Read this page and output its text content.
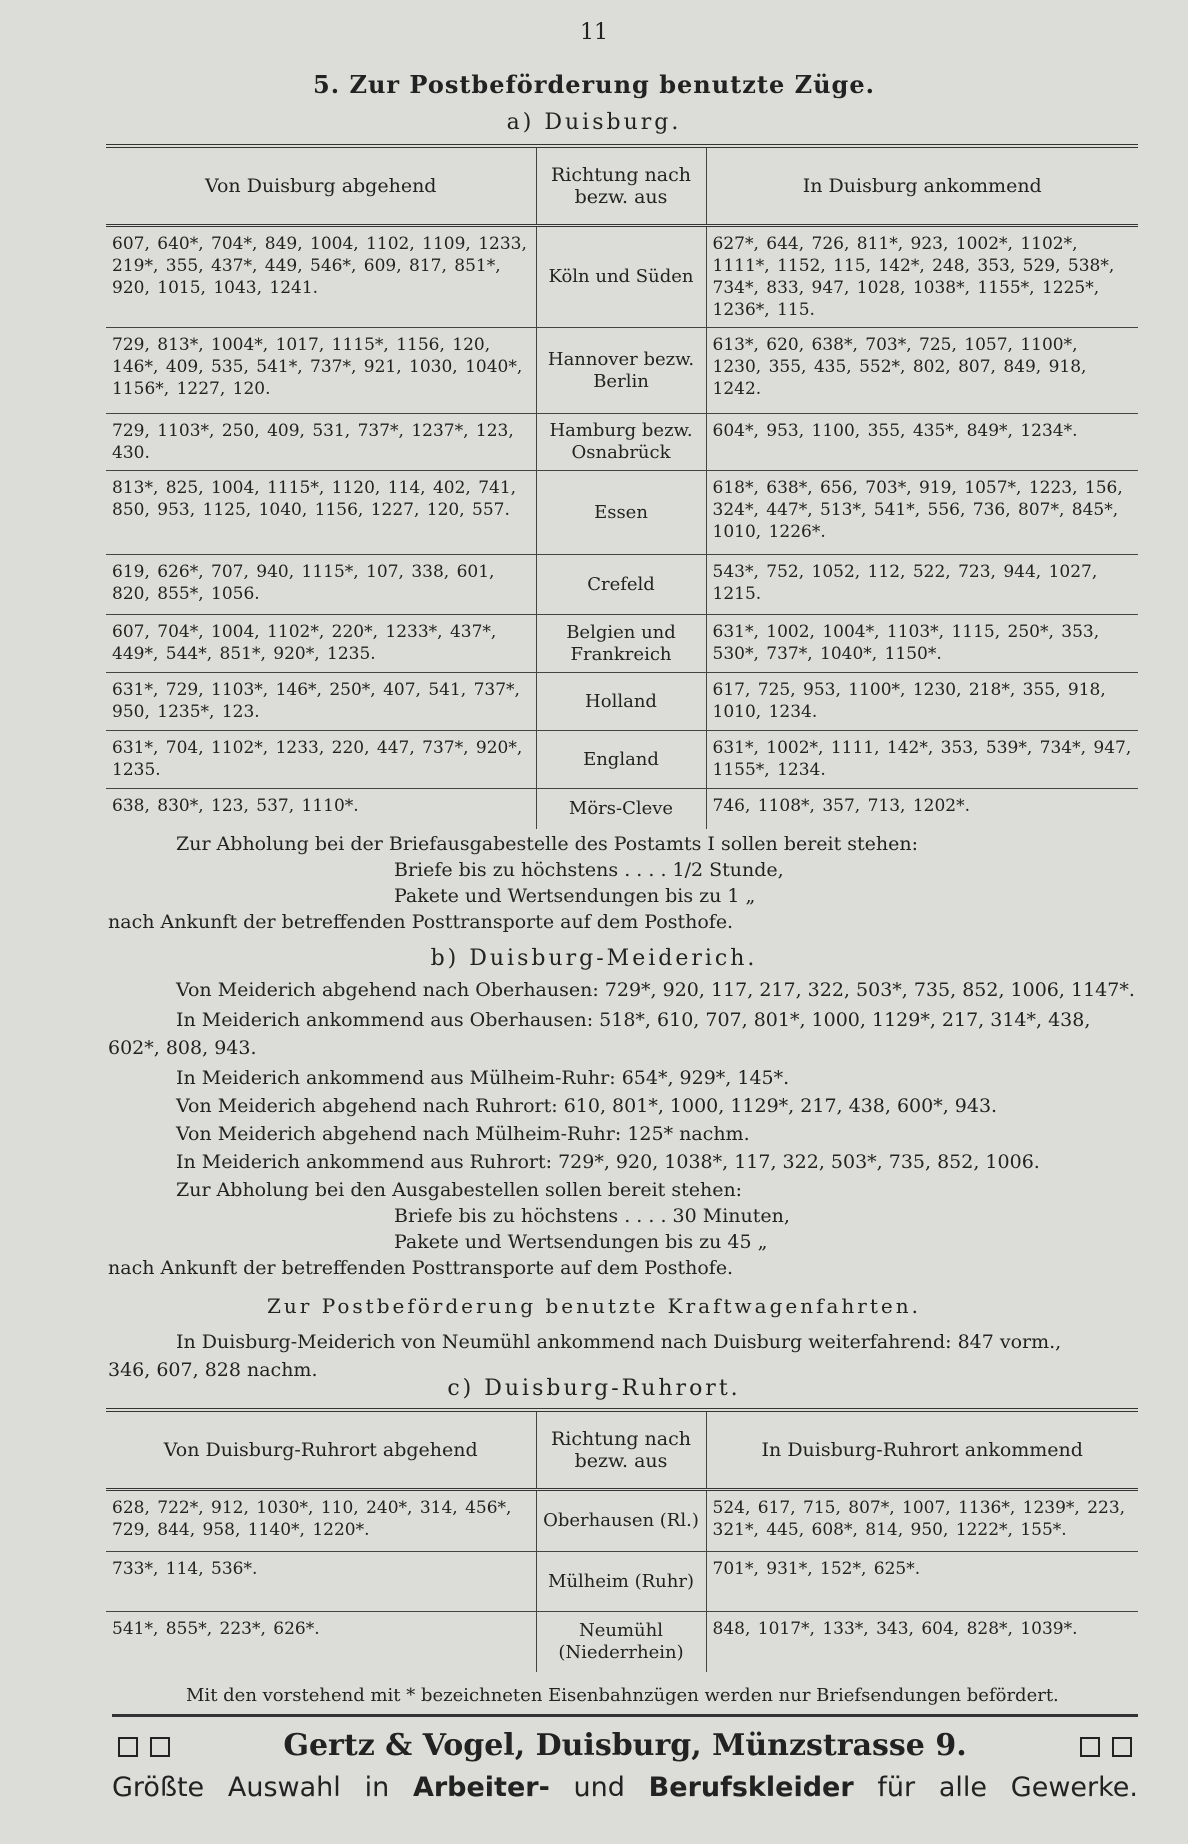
11
5. Zur Postbeförderung benutzte Züge.
a) Duisburg.
Von Duisburg abgehend	Richtung nach bezw. aus	In Duisburg ankommend
607, 640*, 704*, 849, 1004, 1102, 1109, 1233, 219*, 355, 437*, 449, 546*, 609, 817, 851*, 920, 1015, 1043, 1241.	Köln und Süden	627*, 644, 726, 811*, 923, 1002*, 1102*, 1111*, 1152, 115, 142*, 248, 353, 529, 538*, 734*, 833, 947, 1028, 1038*, 1155*, 1225*, 1236*, 115.
729, 813*, 1004*, 1017, 1115*, 1156, 120, 146*, 409, 535, 541*, 737*, 921, 1030, 1040*, 1156*, 1227, 120.	Hannover bezw. Berlin	613*, 620, 638*, 703*, 725, 1057, 1100*, 1230, 355, 435, 552*, 802, 807, 849, 918, 1242.
729, 1103*, 250, 409, 531, 737*, 1237*, 123, 430.	Hamburg bezw. Osnabrück	604*, 953, 1100, 355, 435*, 849*, 1234*.
813*, 825, 1004, 1115*, 1120, 114, 402, 741, 850, 953, 1125, 1040, 1156, 1227, 120, 557.	Essen	618*, 638*, 656, 703*, 919, 1057*, 1223, 156, 324*, 447*, 513*, 541*, 556, 736, 807*, 845*, 1010, 1226*.
619, 626*, 707, 940, 1115*, 107, 338, 601, 820, 855*, 1056.	Crefeld	543*, 752, 1052, 112, 522, 723, 944, 1027, 1215.
607, 704*, 1004, 1102*, 220*, 1233*, 437*, 449*, 544*, 851*, 920*, 1235.	Belgien und Frankreich	631*, 1002, 1004*, 1103*, 1115, 250*, 353, 530*, 737*, 1040*, 1150*.
631*, 729, 1103*, 146*, 250*, 407, 541, 737*, 950, 1235*, 123.	Holland	617, 725, 953, 1100*, 1230, 218*, 355, 918, 1010, 1234.
631*, 704, 1102*, 1233, 220, 447, 737*, 920*, 1235.	England	631*, 1002*, 1111, 142*, 353, 539*, 734*, 947, 1155*, 1234.
638, 830*, 123, 537, 1110*.	Mörs-Cleve	746, 1108*, 357, 713, 1202*.
Zur Abholung bei der Briefausgabestelle des Postamts I sollen bereit stehen:
Briefe bis zu höchstens . . . . 1/2 Stunde,
Pakete und Wertsendungen bis zu 1 „
nach Ankunft der betreffenden Posttransporte auf dem Posthofe.
b) Duisburg-Meiderich.
Von Meiderich abgehend nach Oberhausen: 729*, 920, 117, 217, 322, 503*, 735, 852, 1006, 1147*.
In Meiderich ankommend aus Oberhausen: 518*, 610, 707, 801*, 1000, 1129*, 217, 314*, 438,
602*, 808, 943.
In Meiderich ankommend aus Mülheim-Ruhr: 654*, 929*, 145*.
Von Meiderich abgehend nach Ruhrort: 610, 801*, 1000, 1129*, 217, 438, 600*, 943.
Von Meiderich abgehend nach Mülheim-Ruhr: 125* nachm.
In Meiderich ankommend aus Ruhrort: 729*, 920, 1038*, 117, 322, 503*, 735, 852, 1006.
Zur Abholung bei den Ausgabestellen sollen bereit stehen:
Briefe bis zu höchstens . . . . 30 Minuten,
Pakete und Wertsendungen bis zu 45 „
nach Ankunft der betreffenden Posttransporte auf dem Posthofe.
Zur Postbeförderung benutzte Kraftwagenfahrten.
In Duisburg-Meiderich von Neumühl ankommend nach Duisburg weiterfahrend: 847 vorm.,
346, 607, 828 nachm.
c) Duisburg-Ruhrort.
Von Duisburg-Ruhrort abgehend	Richtung nach bezw. aus	In Duisburg-Ruhrort ankommend
628, 722*, 912, 1030*, 110, 240*, 314, 456*, 729, 844, 958, 1140*, 1220*.	Oberhausen (Rl.)	524, 617, 715, 807*, 1007, 1136*, 1239*, 223, 321*, 445, 608*, 814, 950, 1222*, 155*.
733*, 114, 536*.	Mülheim (Ruhr)	701*, 931*, 152*, 625*.
541*, 855*, 223*, 626*.	Neumühl (Niederrhein)	848, 1017*, 133*, 343, 604, 828*, 1039*.
Mit den vorstehend mit * bezeichneten Eisenbahnzügen werden nur Briefsendungen befördert.
Gertz & Vogel, Duisburg, Münzstrasse 9.
Größte Auswahl in Arbeiter- und Berufskleider für alle Gewerke.
